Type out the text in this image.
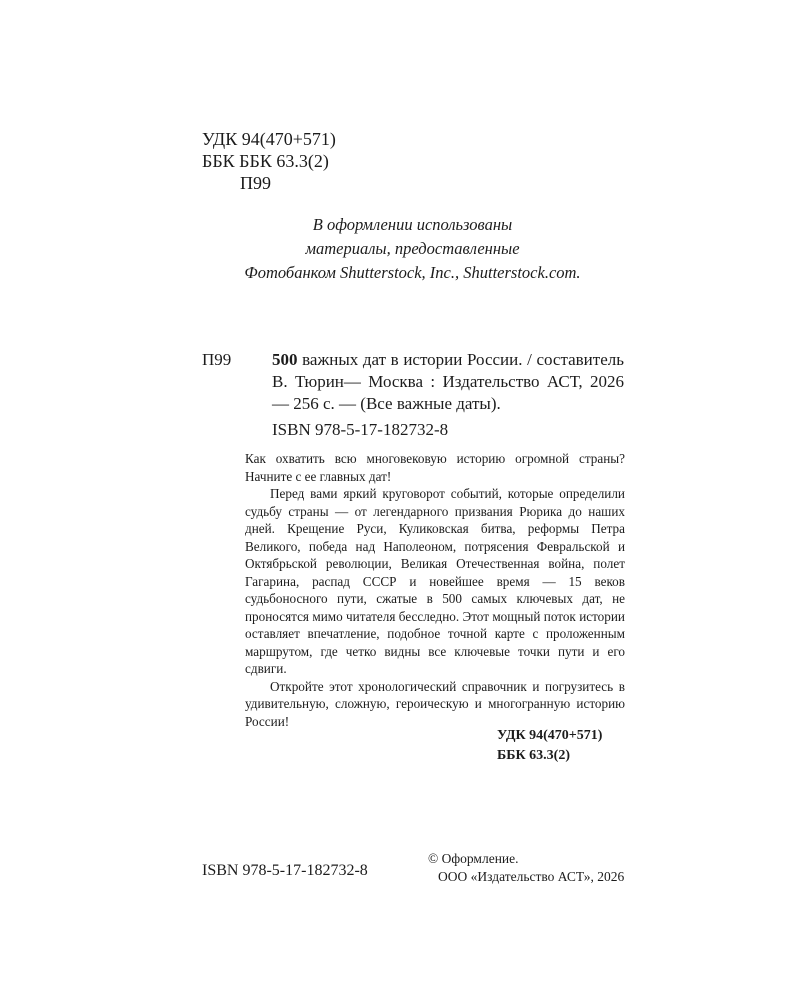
УДК 94(470+571)
ББК ББК 63.3(2)
П99
В оформлении использованы
материалы, предоставленные
Фотобанком Shutterstock, Inc., Shutterstock.com.
П99 500 важных дат в истории России. / составитель В. Тюрин— Москва : Издательство АСТ, 2026 — 256 с. — (Все важные даты).
ISBN 978-5-17-182732-8

Как охватить всю многовековую историю огромной страны? Начните с ее главных дат!

Перед вами яркий круговорот событий, которые определили судьбу страны — от легендарного призвания Рюрика до наших дней. Крещение Руси, Куликовская битва, реформы Петра Великого, победа над Наполеоном, потрясения Февральской и Октябрьской революции, Великая Отечественная война, полет Гагарина, распад СССР и новейшее время — 15 веков судьбоносного пути, сжатые в 500 самых ключевых дат, не проносятся мимо читателя бесследно. Этот мощный поток истории оставляет впечатление, подобное точной карте с проложенным маршрутом, где четко видны все ключевые точки пути и его сдвиги.

Откройте этот хронологический справочник и погрузитесь в удивительную, сложную, героическую и многогранную историю России!

УДК 94(470+571)
ББК 63.3(2)
ISBN 978-5-17-182732-8
© Оформление.
ООО «Издательство АСТ», 2026
